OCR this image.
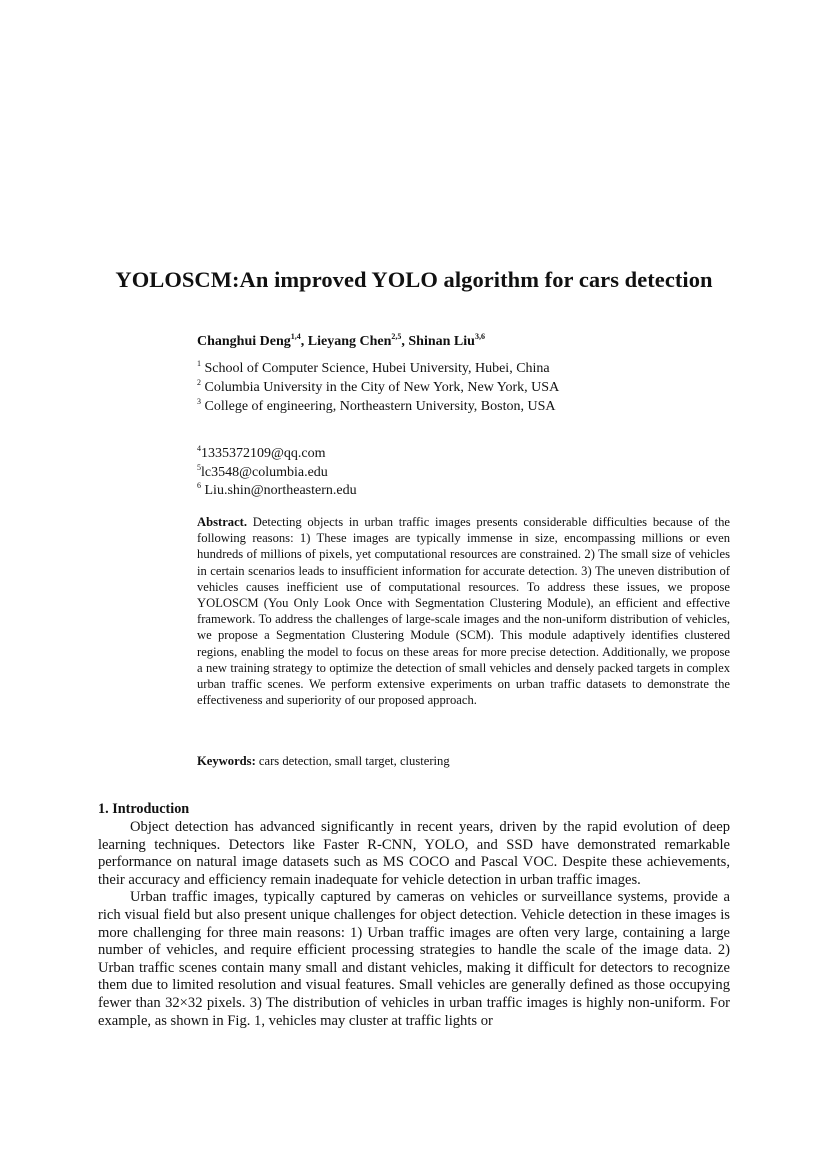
YOLOSCM:An improved YOLO algorithm for cars detection
Changhui Deng$^{1,4}$, Lieyang Chen$^{2,5}$, Shinan Liu$^{3,6}$
$^1$ School of Computer Science, Hubei University, Hubei, China
$^2$ Columbia University in the City of New York, New York, USA
$^3$ College of engineering, Northeastern University, Boston, USA
$^4$1335372109@qq.com
$^5$lc3548@columbia.edu
$^6$ Liu.shin@northeastern.edu
Abstract. Detecting objects in urban traffic images presents considerable difficulties because of the following reasons: 1) These images are typically immense in size, encompassing millions or even hundreds of millions of pixels, yet computational resources are constrained. 2) The small size of vehicles in certain scenarios leads to insufficient information for accurate detection. 3) The uneven distribution of vehicles causes inefficient use of computational resources. To address these issues, we propose YOLOSCM (You Only Look Once with Segmentation Clustering Module), an efficient and effective framework. To address the challenges of large-scale images and the non-uniform distribution of vehicles, we propose a Segmentation Clustering Module (SCM). This module adaptively identifies clustered regions, enabling the model to focus on these areas for more precise detection. Additionally, we propose a new training strategy to optimize the detection of small vehicles and densely packed targets in complex urban traffic scenes. We perform extensive experiments on urban traffic datasets to demonstrate the effectiveness and superiority of our proposed approach.
Keywords: cars detection, small target, clustering
1. Introduction

Object detection has advanced significantly in recent years, driven by the rapid evolution of deep learning techniques. Detectors like Faster R-CNN, YOLO, and SSD have demonstrated remarkable performance on natural image datasets such as MS COCO and Pascal VOC. Despite these achievements, their accuracy and efficiency remain inadequate for vehicle detection in urban traffic images.

Urban traffic images, typically captured by cameras on vehicles or surveillance systems, provide a rich visual field but also present unique challenges for object detection. Vehicle detection in these images is more challenging for three main reasons: 1) Urban traffic images are often very large, containing a large number of vehicles, and require efficient processing strategies to handle the scale of the image data. 2) Urban traffic scenes contain many small and distant vehicles, making it difficult for detectors to recognize them due to limited resolution and visual features. Small vehicles are generally defined as those occupying fewer than 32×32 pixels. 3) The distribution of vehicles in urban traffic images is highly non-uniform. For example, as shown in Fig. 1, vehicles may cluster at traffic lights or
